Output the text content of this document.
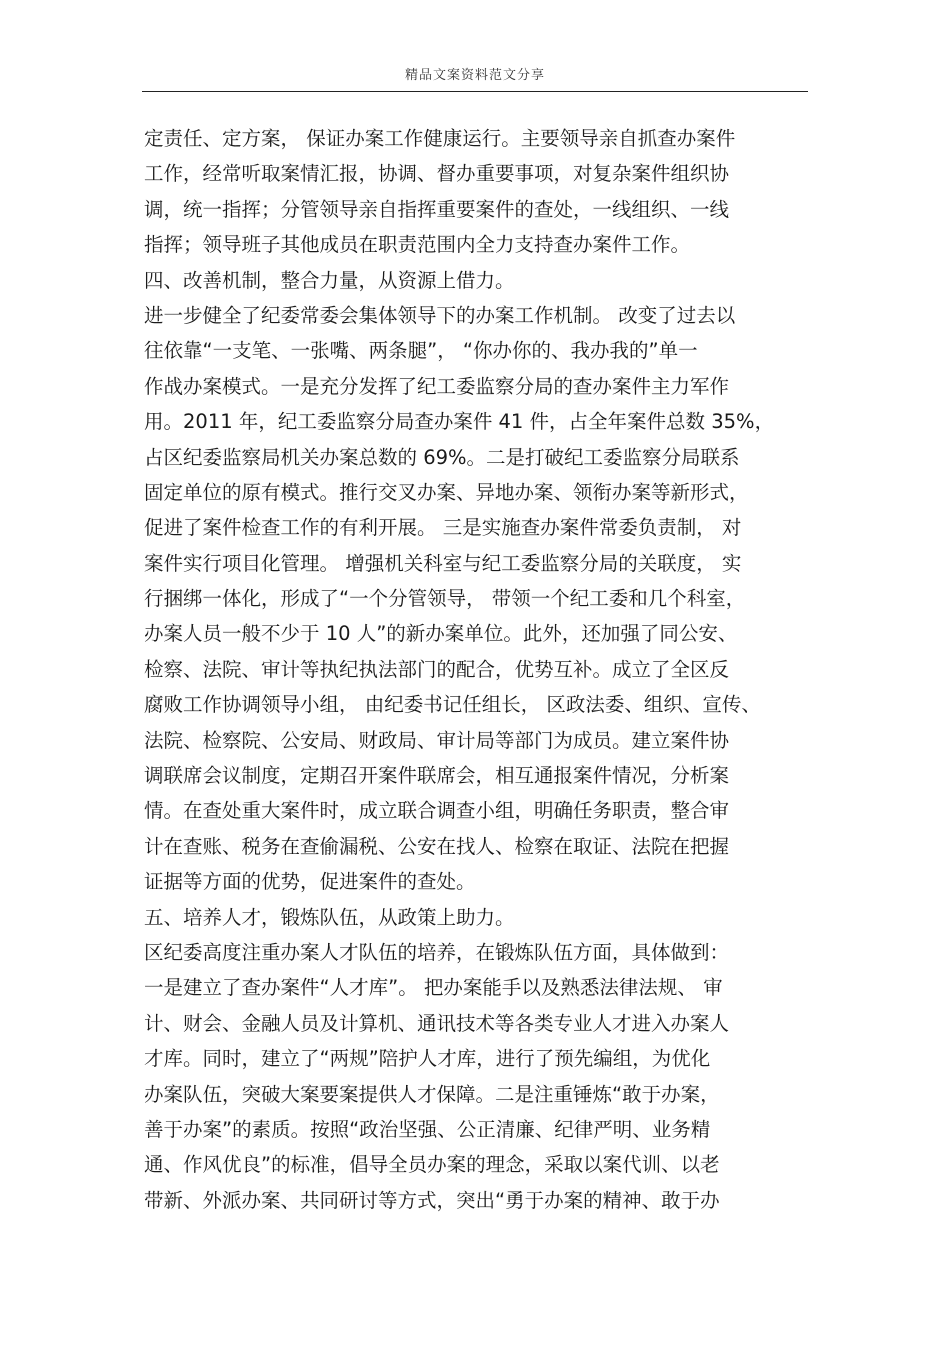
精品文案资料范文分享
定责任、定方案， 保证办案工作健康运行。主要领导亲自抓查办案件
工作，经常听取案情汇报，协调、督办重要事项，对复杂案件组织协
调，统一指挥；分管领导亲自指挥重要案件的查处，一线组织、一线
指挥；领导班子其他成员在职责范围内全力支持查办案件工作。
四、改善机制，整合力量，从资源上借力。
进一步健全了纪委常委会集体领导下的办案工作机制。 改变了过去以
往依靠“一支笔、一张嘴、两条腿”， “你办你的、我办我的”单一
作战办案模式。一是充分发挥了纪工委监察分局的查办案件主力军作
用。2011 年，纪工委监察分局查办案件 41 件，占全年案件总数 35%，
占区纪委监察局机关办案总数的 69%。二是打破纪工委监察分局联系
固定单位的原有模式。推行交叉办案、异地办案、领衔办案等新形式，
促进了案件检查工作的有利开展。 三是实施查办案件常委负责制， 对
案件实行项目化管理。 增强机关科室与纪工委监察分局的关联度， 实
行捆绑一体化，形成了“一个分管领导， 带领一个纪工委和几个科室，
办案人员一般不少于 10 人”的新办案单位。此外，还加强了同公安、
检察、法院、审计等执纪执法部门的配合，优势互补。成立了全区反
腐败工作协调领导小组， 由纪委书记任组长， 区政法委、组织、宣传、
法院、检察院、公安局、财政局、审计局等部门为成员。建立案件协
调联席会议制度，定期召开案件联席会，相互通报案件情况，分析案
情。在查处重大案件时，成立联合调查小组，明确任务职责，整合审
计在查账、税务在查偷漏税、公安在找人、检察在取证、法院在把握
证据等方面的优势，促进案件的查处。
五、培养人才，锻炼队伍，从政策上助力。
区纪委高度注重办案人才队伍的培养，在锻炼队伍方面，具体做到：
一是建立了查办案件“人才库”。 把办案能手以及熟悉法律法规、 审
计、财会、金融人员及计算机、通讯技术等各类专业人才进入办案人
才库。同时，建立了“两规”陪护人才库，进行了预先编组，为优化
办案队伍，突破大案要案提供人才保障。二是注重锤炼“敢于办案，
善于办案”的素质。按照“政治坚强、公正清廉、纪律严明、业务精
通、作风优良”的标准，倡导全员办案的理念，采取以案代训、以老
带新、外派办案、共同研讨等方式，突出“勇于办案的精神、敢于办
